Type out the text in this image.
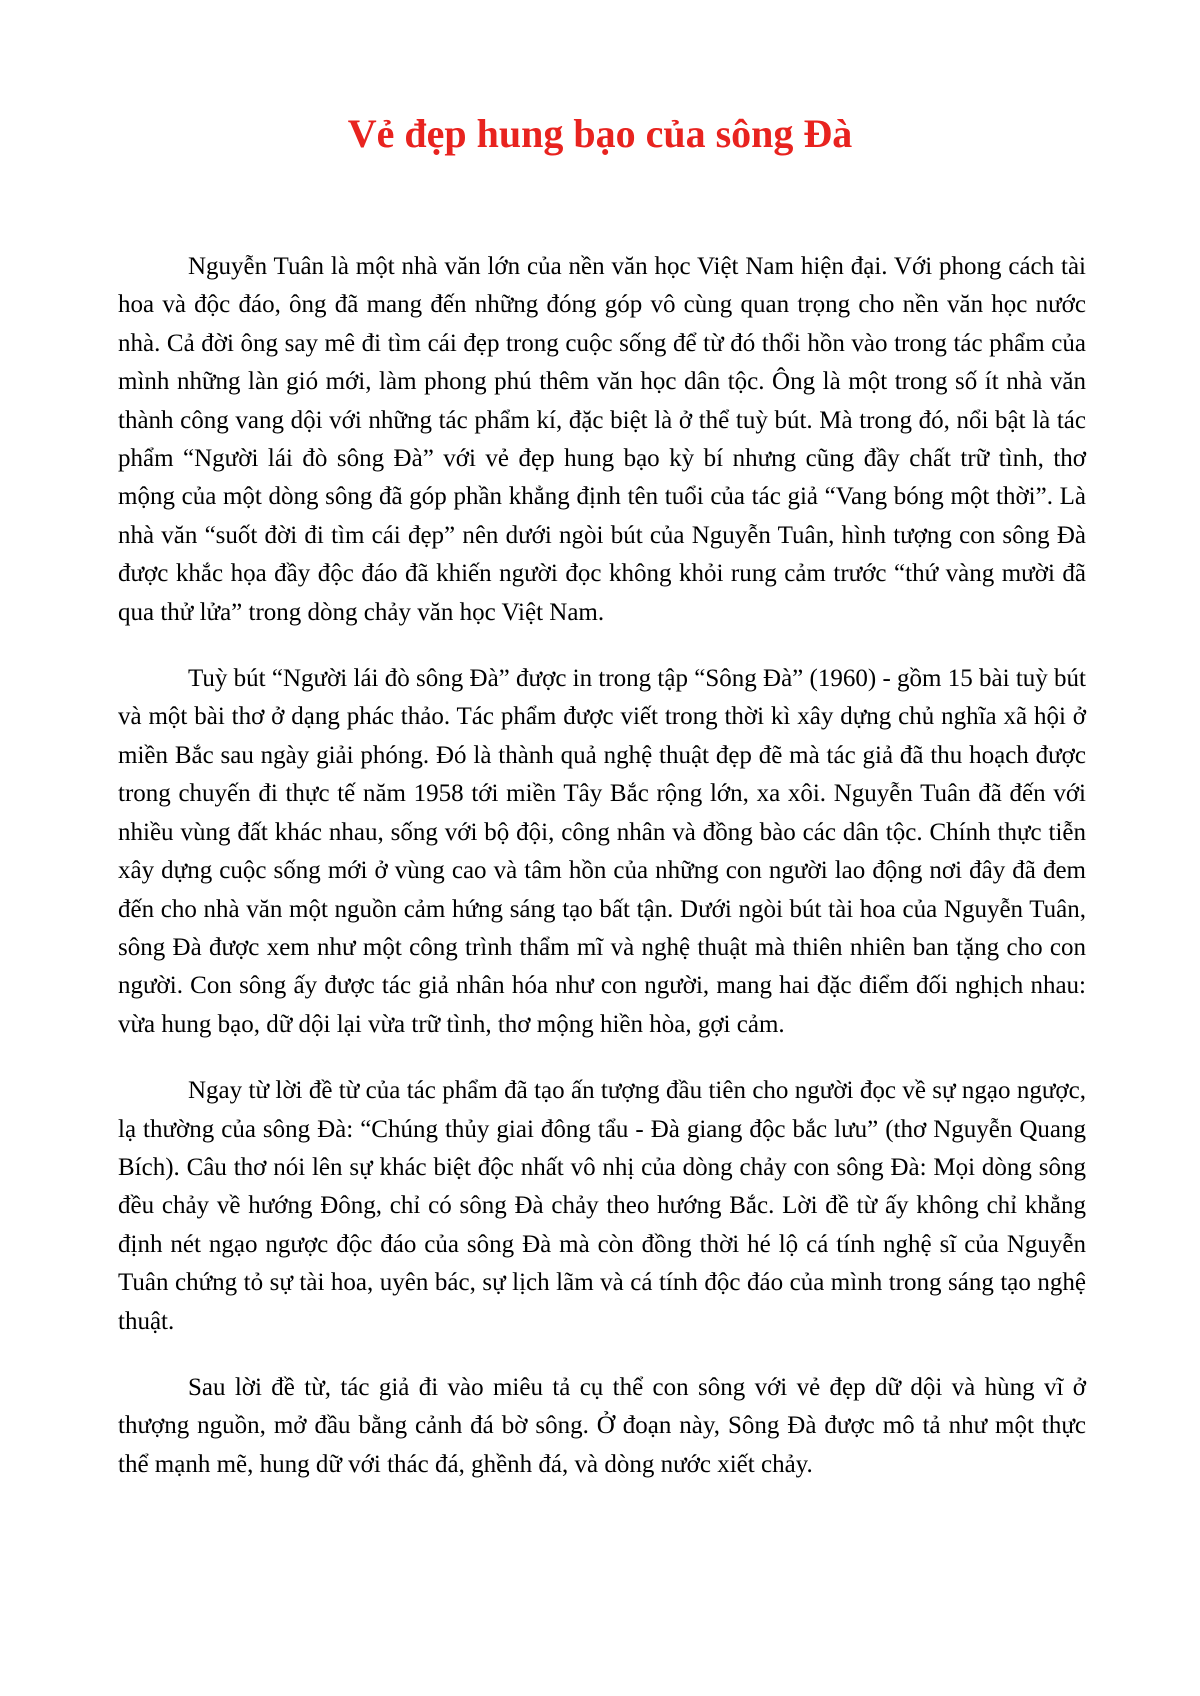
Vẻ đẹp hung bạo của sông Đà

Nguyễn Tuân là một nhà văn lớn của nền văn học Việt Nam hiện đại. Với phong cách tài hoa và độc đáo, ông đã mang đến những đóng góp vô cùng quan trọng cho nền văn học nước nhà. Cả đời ông say mê đi tìm cái đẹp trong cuộc sống để từ đó thổi hồn vào trong tác phẩm của mình những làn gió mới, làm phong phú thêm văn học dân tộc. Ông là một trong số ít nhà văn thành công vang dội với những tác phẩm kí, đặc biệt là ở thể tuỳ bút. Mà trong đó, nổi bật là tác phẩm “Người lái đò sông Đà” với vẻ đẹp hung bạo kỳ bí nhưng cũng đầy chất trữ tình, thơ mộng của một dòng sông đã góp phần khẳng định tên tuổi của tác giả “Vang bóng một thời”. Là nhà văn “suốt đời đi tìm cái đẹp” nên dưới ngòi bút của Nguyễn Tuân, hình tượng con sông Đà được khắc họa đầy độc đáo đã khiến người đọc không khỏi rung cảm trước “thứ vàng mười đã qua thử lửa” trong dòng chảy văn học Việt Nam.

Tuỳ bút “Người lái đò sông Đà” được in trong tập “Sông Đà” (1960) - gồm 15 bài tuỳ bút và một bài thơ ở dạng phác thảo. Tác phẩm được viết trong thời kì xây dựng chủ nghĩa xã hội ở miền Bắc sau ngày giải phóng. Đó là thành quả nghệ thuật đẹp đẽ mà tác giả đã thu hoạch được trong chuyến đi thực tế năm 1958 tới miền Tây Bắc rộng lớn, xa xôi. Nguyễn Tuân đã đến với nhiều vùng đất khác nhau, sống với bộ đội, công nhân và đồng bào các dân tộc. Chính thực tiễn xây dựng cuộc sống mới ở vùng cao và tâm hồn của những con người lao động nơi đây đã đem đến cho nhà văn một nguồn cảm hứng sáng tạo bất tận. Dưới ngòi bút tài hoa của Nguyễn Tuân, sông Đà được xem như một công trình thẩm mĩ và nghệ thuật mà thiên nhiên ban tặng cho con người. Con sông ấy được tác giả nhân hóa như con người, mang hai đặc điểm đối nghịch nhau: vừa hung bạo, dữ dội lại vừa trữ tình, thơ mộng hiền hòa, gợi cảm.

Ngay từ lời đề từ của tác phẩm đã tạo ấn tượng đầu tiên cho người đọc về sự ngạo ngược, lạ thường của sông Đà: “Chúng thủy giai đông tẩu - Đà giang độc bắc lưu” (thơ Nguyễn Quang Bích). Câu thơ nói lên sự khác biệt độc nhất vô nhị của dòng chảy con sông Đà: Mọi dòng sông đều chảy về hướng Đông, chỉ có sông Đà chảy theo hướng Bắc. Lời đề từ ấy không chỉ khẳng định nét ngạo ngược độc đáo của sông Đà mà còn đồng thời hé lộ cá tính nghệ sĩ của Nguyễn Tuân chứng tỏ sự tài hoa, uyên bác, sự lịch lãm và cá tính độc đáo của mình trong sáng tạo nghệ thuật.

Sau lời đề từ, tác giả đi vào miêu tả cụ thể con sông với vẻ đẹp dữ dội và hùng vĩ ở thượng nguồn, mở đầu bằng cảnh đá bờ sông. Ở đoạn này, Sông Đà được mô tả như một thực thể mạnh mẽ, hung dữ với thác đá, ghềnh đá, và dòng nước xiết chảy.
